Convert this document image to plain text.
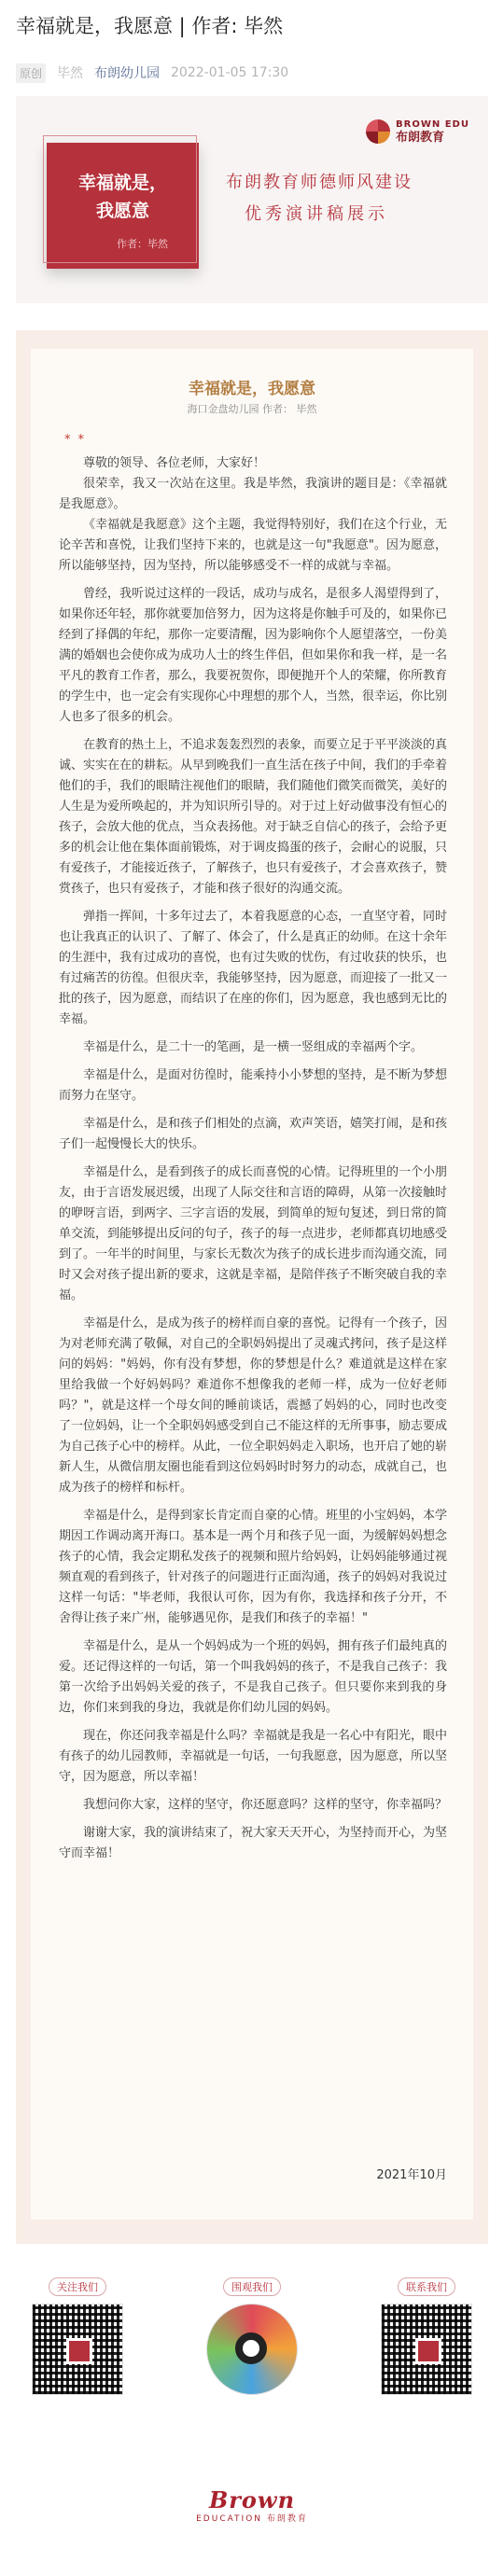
幸福就是，我愿意 | 作者: 毕然
原创 毕然 布朗幼儿园 2022-01-05 17:30
幸福就是，
我愿意
作者：毕然
布朗教育师德师风建设
优秀演讲稿展示
BROWN EDU
布朗教育
幸福就是，我愿意
海口金盘幼儿园 作者： 毕然
**

尊敬的领导、各位老师，大家好！

很荣幸，我又一次站在这里。我是毕然，我演讲的题目是：《幸福就是我愿意》。

《幸福就是我愿意》这个主题，我觉得特别好，我们在这个行业，无论辛苦和喜悦，让我们坚持下来的，也就是这一句"我愿意"。因为愿意，所以能够坚持，因为坚持，所以能够感受不一样的成就与幸福。

曾经，我听说过这样的一段话，成功与成名，是很多人渴望得到了，如果你还年轻，那你就要加倍努力，因为这将是你触手可及的，如果你已经到了择偶的年纪，那你一定要清醒，因为影响你个人愿望落空，一份美满的婚姻也会使你成为成功人士的终生伴侣，但如果你和我一样，是一名平凡的教育工作者，那么，我要祝贺你，即便抛开个人的荣耀，你所教育的学生中，也一定会有实现你心中理想的那个人，当然，很幸运，你比别人也多了很多的机会。

在教育的热土上，不追求轰轰烈烈的表象，而要立足于平平淡淡的真诚、实实在在的耕耘。从早到晚我们一直生活在孩子中间，我们的手牵着他们的手，我们的眼睛注视他们的眼睛，我们随他们微笑而微笑，美好的人生是为爱所唤起的，并为知识所引导的。对于过上好动做事没有恒心的孩子，会放大他的优点，当众表扬他。对于缺乏自信心的孩子，会给予更多的机会让他在集体面前锻炼，对于调皮捣蛋的孩子，会耐心的说服，只有爱孩子，才能接近孩子，了解孩子，也只有爱孩子，才会喜欢孩子，赞赏孩子，也只有爱孩子，才能和孩子很好的沟通交流。

弹指一挥间，十多年过去了，本着我愿意的心态，一直坚守着，同时也让我真正的认识了、了解了、体会了，什么是真正的幼师。在这十余年的生涯中，我有过成功的喜悦，也有过失败的忧伤，有过收获的快乐，也有过痛苦的彷徨。但很庆幸，我能够坚持，因为愿意，而迎接了一批又一批的孩子，因为愿意，而结识了在座的你们，因为愿意，我也感到无比的幸福。

幸福是什么，是二十一的笔画，是一横一竖组成的幸福两个字。

幸福是什么，是面对彷徨时，能乘持小小梦想的坚持，是不断为梦想而努力在坚守。

幸福是什么，是和孩子们相处的点滴，欢声笑语，嬉笑打闹，是和孩子们一起慢慢长大的快乐。

幸福是什么，是看到孩子的成长而喜悦的心情。记得班里的一个小朋友，由于言语发展迟缓，出现了人际交往和言语的障碍，从第一次接触时的咿呀言语，到两字、三字言语的发展，到简单的短句复述，到日常的简单交流，到能够提出反问的句子，孩子的每一点进步，老师都真切地感受到了。一年半的时间里，与家长无数次为孩子的成长进步而沟通交流，同时又会对孩子提出新的要求，这就是幸福，是陪伴孩子不断突破自我的幸福。

幸福是什么，是成为孩子的榜样而自豪的喜悦。记得有一个孩子，因为对老师充满了敬佩，对自己的全职妈妈提出了灵魂式拷问，孩子是这样问的妈妈："妈妈，你有没有梦想，你的梦想是什么？难道就是这样在家里给我做一个好妈妈吗？难道你不想像我的老师一样，成为一位好老师吗？"，就是这样一个母女间的睡前谈话，震撼了妈妈的心，同时也改变了一位妈妈，让一个全职妈妈感受到自己不能这样的无所事事，励志要成为自己孩子心中的榜样。从此，一位全职妈妈走入职场，也开启了她的崭新人生，从微信朋友圈也能看到这位妈妈时时努力的动态，成就自己，也成为孩子的榜样和标杆。

幸福是什么，是得到家长肯定而自豪的心情。班里的小宝妈妈，本学期因工作调动离开海口。基本是一两个月和孩子见一面，为缓解妈妈想念孩子的心情，我会定期私发孩子的视频和照片给妈妈，让妈妈能够通过视频直观的看到孩子，针对孩子的问题进行正面沟通，孩子的妈妈对我说过这样一句话："毕老师，我很认可你，因为有你，我选择和孩子分开，不舍得让孩子来广州，能够遇见你，是我们和孩子的幸福！"

幸福是什么，是从一个妈妈成为一个班的妈妈，拥有孩子们最纯真的爱。还记得这样的一句话，第一个叫我妈妈的孩子，不是我自己孩子：我第一次给予出妈妈关爱的孩子，不是我自己孩子。但只要你来到我的身边，你们来到我的身边，我就是你们幼儿园的妈妈。

现在，你还问我幸福是什么吗？幸福就是我是一名心中有阳光，眼中有孩子的幼儿园教师，幸福就是一句话，一句我愿意，因为愿意，所以坚守，因为愿意，所以幸福！

我想问你大家，这样的坚守，你还愿意吗？这样的坚守，你幸福吗？

谢谢大家，我的演讲结束了，祝大家天天开心，为坚持而开心，为坚守而幸福！

2021年10月
关注我们	围观我们	联系我们
Brown
EDUCATION 布朗教育
